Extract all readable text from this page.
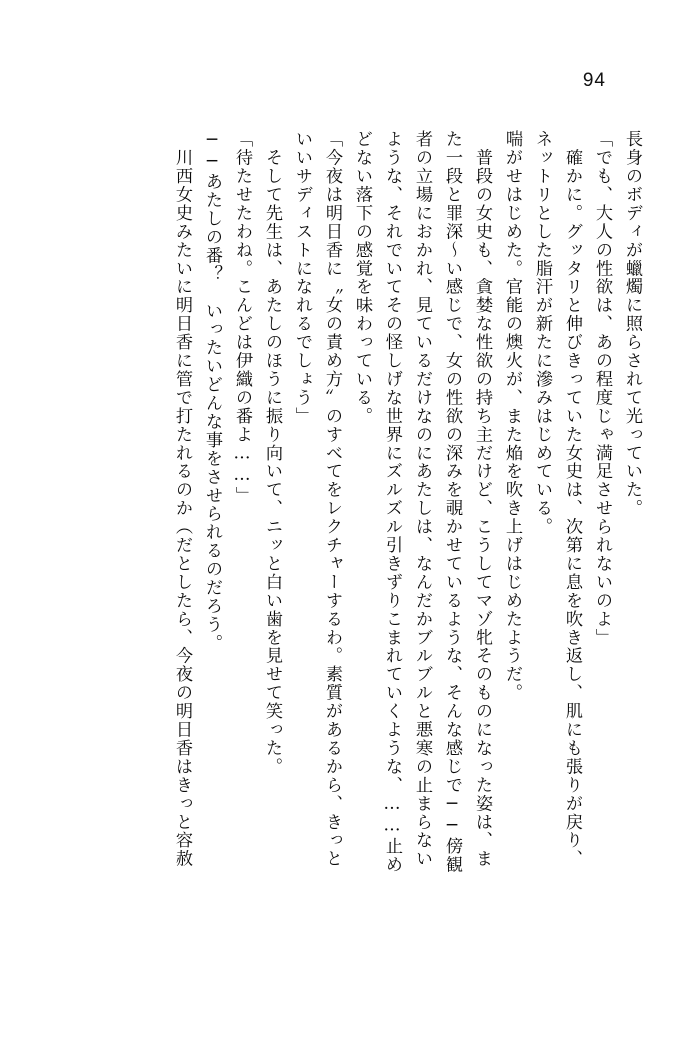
94
長身のボディが蠟燭に照らされて光っていた。
「でも、大人の性欲は、あの程度じゃ満足させられないのよ」
　確かに。グッタリと伸びきっていた女史は、次第に息を吹き返し、肌にも張りが戻り、
ネットリとした脂汗が新たに滲みはじめている。
喘がせはじめた。官能の燠火が、また焔を吹き上げはじめたようだ。
　普段の女史も、貪婪な性欲の持ち主だけど、こうしてマゾ牝そのものになった姿は、ま
た一段と罪深〜い感じで、女の性欲の深みを覗かせているような、そんな感じで──傍観
者の立場におかれ、見ているだけなのにあたしは、なんだかブルブルと悪寒の止まらない
ような、それでいてその怪しげな世界にズルズル引きずりこまれていくような、……止め
どない落下の感覚を味わっている。
「今夜は明日香に〝女の責め方〟のすべてをレクチャーするわ。素質があるから、きっと
いいサディストになれるでしょう」
　そして先生は、あたしのほうに振り向いて、ニッと白い歯を見せて笑った。
「待たせたわね。こんどは伊織の番よ……」
──あたしの番？　いったいどんな事をさせられるのだろう。
　川西女史みたいに明日香に管で打たれるのか（だとしたら、今夜の明日香はきっと容赦
